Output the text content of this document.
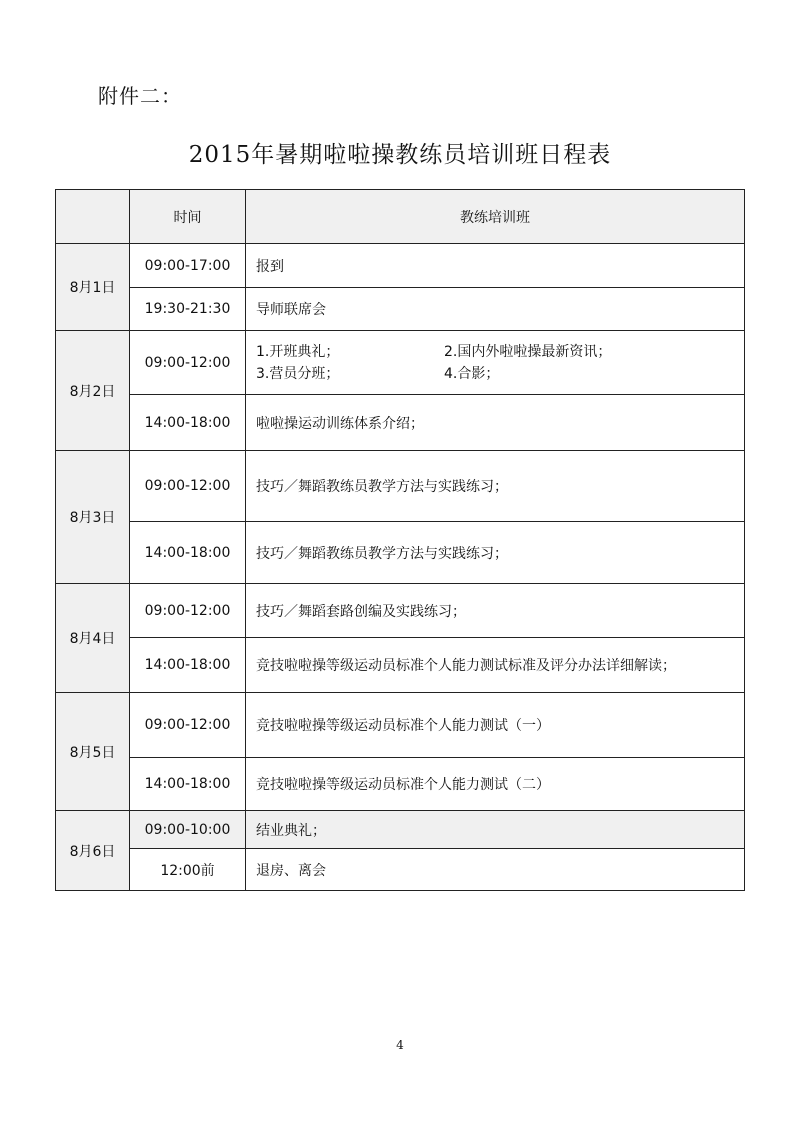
附件二：
2015年暑期啦啦操教练员培训班日程表
	时间	教练培训班
8月1日	09:00-17:00	报到
	19:30-21:30	导师联席会
8月2日	09:00-12:00	1.开班典礼； 2.国内外啦啦操最新资讯；
3.营员分班； 4.合影；

	14:00-18:00	啦啦操运动训练体系介绍；
8月3日	09:00-12:00	技巧／舞蹈教练员教学方法与实践练习；
	14:00-18:00	技巧／舞蹈教练员教学方法与实践练习；
8月4日	09:00-12:00	技巧／舞蹈套路创编及实践练习；
	14:00-18:00	竞技啦啦操等级运动员标准个人能力测试标准及评分办法详细解读；
8月5日	09:00-12:00	竞技啦啦操等级运动员标准个人能力测试（一）
	14:00-18:00	竞技啦啦操等级运动员标准个人能力测试（二）
8月6日	09:00-10:00	结业典礼；
	12:00前	退房、离会
4
